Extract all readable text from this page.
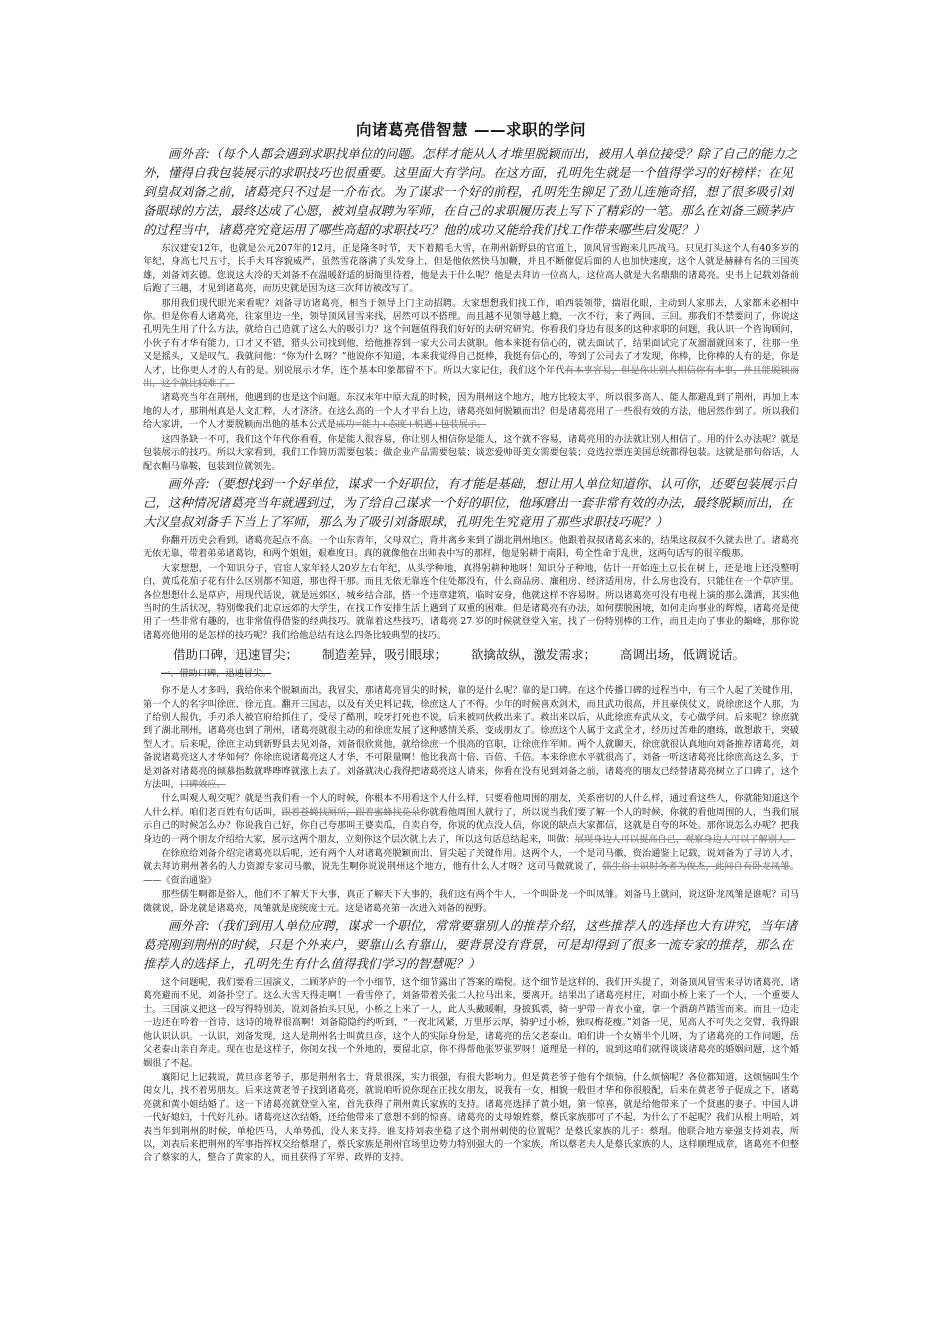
向诸葛亮借智慧 ——求职的学问

画外音:（每个人都会遇到求职找单位的问题。怎样才能从人才堆里脱颖而出，被用人单位接受？除了自己的能力之外，懂得自我包装展示的求职技巧也很重要。这里面大有学问。在这方面，孔明先生就是一个值得学习的好榜样：在见到皇叔刘备之前，诸葛亮只不过是一介布衣。为了谋求一个好的前程，孔明先生铆足了劲儿连施奇招，想了很多吸引刘备眼球的方法，最终达成了心愿，被刘皇叔聘为军师，在自己的求职履历表上写下了精彩的一笔。那么在刘备三顾茅庐的过程当中，诸葛亮究竟运用了哪些高超的求职技巧？他的成功又能给我们找工作带来哪些启发呢？）

东汉建安12年，也就是公元207年的12月，正是隆冬时节，天下着鹅毛大雪，在荆州新野县的官道上，顶风冒雪跑来几匹战马。只见打头这个人有40多岁的年纪，身高七尺五寸，长手大耳容貌威严，虽然雪花落满了头发身上，但是他依然快马加鞭，并且不断催促后面的人也加快速度，这个人就是赫赫有名的三国英雄，刘备刘玄德。您说这大冷的天刘备不在温暖舒适的厨衙里待着，他是去干什么呢？他是去拜访一位高人，这位高人就是大名鼎鼎的诸葛亮。史书上记载刘备前后跑了三趟，才见到诸葛亮，而历史就是因为这三次拜访被改写了。

那用我们现代眼光来看呢？刘备寻访诸葛亮，相当于领导上门主动招聘。大家想想我们找工作，咱西装领带，揣眉化眼，主动到人家那去，人家都未必相中你。但是你看人诸葛亮，往家里边一坐，领导顶风冒雪来找，居然可以不搭理。而且越不见领导越上瘾，一次不行，来了两回、三回。那我们不禁要问了，你说这孔明先生用了什么方法，就给自己造就了这么大的吸引力？这个问题值得我们好好的去研究研究。你看我们身边有很多的这种求职的问题，我认识一个咨询顾问，小伙子有才华有能力，口才又不错，猎头公司找到他，给他推荐到一家大公司去就职。他本来挺有信心的，就去面试了，结果面试完了灰溜溜就回来了，往那一坐又是摇头，又是叹气。我就问他：“你为什么呀？”他说你不知道，本来我觉得自己挺棒，我挺有信心的，等到了公司去了才发现，你棒，比你棒的人有的是，你是人才，比你更人才的人有的是。别说展示才华，连个基本印象都留不下。所以大家记住，我们这个年代有本事容易，但是你让别人相信你有本事，并且能脱颖而出，这个就比较难了。

诸葛亮当年在荆州，他遇到的也是这个问题。东汉末年中原大乱的时候，因为荆州这个地方，地方比较太平，所以很多高人、能人都避乱到了荆州，再加上本地的人才，那荆州真是人文汇粹，人才济济。在这么高的一个人才平台上边，诸葛亮如何脱颖而出？但是诸葛亮用了一些很有效的方法，他居然作到了。所以我们给大家讲，一个人才要脱颖而出他的基本公式是成功=能力+态度+机遇+包装展示。

这四条缺一不可，我们这个年代你看看，你是能人很容易，你让别人相信你是能人，这个就不容易，诸葛亮用的办法就让别人相信了。用的什么办法呢？就是包装展示的技巧。所以大家看到，我们工作简历需要包装；做企业产品需要包装；谈恋爱帅哥美女需要包装；竞选拉票连美国总统都得包装。这就是那句俗话，人配衣帽马靠鞍，包装到位就领先。

画外音:（要想找到一个好单位，谋求一个好职位，有才能是基础，想让用人单位知道你、认可你，还要包装展示自己，这种情况诸葛亮当年就遇到过，为了给自己谋求一个好的职位，他琢磨出一套非常有效的办法，最终脱颖而出，在大汉皇叔刘备手下当上了军师，那么为了吸引刘备眼球，孔明先生究竟用了那些求职技巧呢？）

你翻开历史会看到，诸葛亮起点不高。一个山东青年，父母双亡，背井离乡来到了湖北荆州地区。他跟着叔叔诸葛玄来的，结果这叔叔不久就去世了。诸葛亮无依无靠，带着弟弟诸葛钧，和两个姐姐，艰难度日。真的就像他在出师表中写的那样，他是躬耕于南阳，苟全性命于乱世，这两句话写的很辛酸那。

大家想想，一个知识分子，官宦人家年轻人20岁左右年纪，从头学种地，真得躬耕种地呀！知识分子种地，估计一开始连土豆长在树上，还是地上还没整明白，黄瓜花茄子花有什么区别都不知道，那也得干那。而且无依无靠连个住处都没有，什么商品房、廉租房、经济适用房，什么房也没有，只能住在一个草庐里。各位想想什么是草庐，用现代话说，就是远郊区，城乡结合部，搭一个违章建筑，临时安身，他就这样不容易呀。所以诸葛亮可没有电视上演的那么潇洒，其实他当时的生活状况，特别像我们北京远郊的大学生，在找工作安排生活上遇到了双重的困难。但是诸葛亮有办法，如何摆脱困境，如何走向事业的辉煌，诸葛亮是使用了一些非常有趣的，也非常值得借鉴的经典技巧。就靠着这些技巧，诸葛亮 27 岁的时候就登堂入室，找了一份特别棒的工作，而且走向了事业的巅峰，那你说诸葛亮他用的是怎样的技巧呢？我们给他总结有这么四条比较典型的技巧。

借助口碑，迅速冒尖； 制造差异，吸引眼球； 欲擒故纵，激发需求； 高调出场，低调说话。
一、借助口碑，迅速冒尖。

你不是人才多吗，我给你来个脱颖而出，我冒尖，那诸葛亮冒尖的时候，靠的是什么呢？靠的是口碑。在这个传播口碑的过程当中，有三个人起了关键作用，第一个人的名字叫徐庶、徐元直。翻开三国志，以及有关史料记载，徐庶这人了不得。少年的时候喜欢剑术，而且武功很高，并且豪侠仗义，说徐庶这个人那，为了给别人报仇，手刃杀人被官府给抓住了，受尽了酷刑，咬牙打死也不说，后来被同伙救出来了。救出来以后，从此徐庶弃武从文，专心做学问。后来呢？徐庶就到了湖北荆州，诸葛亮也到了荆州，诸葛亮就很主动的和徐庶发展了这种感情关系，变成朋友了。徐庶这个人属于文武全才，经历过苦难的磨练，敢想敢干，突破型人才。后来呢，徐庶主动到新野县去见刘备，刘备很欣赏他，就给徐庶一个很高的官职，让徐庶作军师。两个人就聊天，徐庶就很认真地向刘备推荐诸葛亮，刘备说诸葛亮这人才华如何？你徐庶说诸葛亮这人才华，不可限量啊！他比我高十倍、百倍、千倍。本来徐庶水平就很高了，刘备一听这诸葛亮比徐庶高这么多，于是刘备对诸葛亮的倾慕指数就哗哗哗就涨上去了。刘备就决心我得把诸葛亮这人请来，你看在没有见到刘备之前，诸葛亮的朋友已经替诸葛亮树立了口碑了，这个方法叫，口碑效应。

什么叫观人观交呢？就是当我们看一个人的时候，你根本不用看这个人什么样，只要看他周围的朋友，关系密切的人什么样，通过看这些人，你就能知道这个人什么样。咱们老百姓有句话叫，跟着苍蝇找厕所，跟着蜜蜂找花朵你就看他周围人就行了，所以说当我们要了解一个人的时候，你就的看他周围的人，当我们展示自己的时候怎么办？你说我自己好，你自己夸那叫王婆卖瓜，自卖自夸，你说的优点没人信，你说的缺点大家都信，这就是自夸的坏处。那你说怎么办呢？把我身边的一两个朋友介绍给大家，展示这两个朋友，立刻你这个层次就上去了，所以这句话总结起来，叫做：展现身边人可以提高自己，观察身边人可以了解别人。

在徐庶给刘备介绍完诸葛亮以后呢，还有两个人对诸葛亮脱颖而出、冒尖起了关键作用。这两个人，一个是司马徽，资治通鉴上记载，说刘备为了寻访人才，就去拜访荆州著名的人力资源专家司马徽，说先生啊你说说荆州这个地方，他有什么人才呀？这司马微就说了，儒生俗士识时务者为俊杰，此间自有卧龙凤雏。——《资治通鉴》

那些儒生啊都是俗人，他们不了解天下大事，真正了解天下大事的，我们这有两个牛人，一个叫卧龙一个叫凤雏。刘备马上就问，说这卧龙凤雏是谁呢？司马微就说，卧龙就是诸葛亮，凤雏就是庞统庞士元。这是诸葛亮第一次进入刘备的视野。

画外音:（我们到用人单位应聘，谋求一个职位，常常要靠别人的推荐介绍，这些推荐人的选择也大有讲究，当年诸葛亮刚到荆州的时候，只是个外来户，要靠山么有靠山，要背景没有背景，可是却得到了很多一流专家的推荐，那么在推荐人的选择上，孔明先生有什么值得我们学习的智慧呢？）

这个问题呢，我们要看三国演义，二顾茅庐的一个小细节，这个细节露出了答案的端倪。这个细节是这样的，我们开头提了，刘备顶风冒雪来寻访诸葛亮，诸葛亮避而不见，刘备扑空了。这么大雪天得走啊！一看雪停了，刘备带着关张二人拉马出来，要离开。结果出了诸葛亮村庄，对面小桥上来了一个人，一个重要人士。三国演义把这一段写得特别美，说刘备抬头只见，小桥之上来了一人，此人头戴暖帽，身披狐裘，骑一驴带一青衣小童，拿一个酒葫芦踏雪而来。而且一边走一边还在吟着一首诗，这诗的境界很高啊！刘备隐隐约约听到，“一夜北风紧，万里彤云厚，骑驴过小桥，独叹梅花瘦。”刘备一见，见高人不可失之交臂，我得跟他认识认识。一认识，刘备发现，这人是荆州名士叫黄旦彦，这个人的实际身份是，诸葛亮的岳父老泰山。咱们讲一个女婿半个儿呀，为了诸葛亮的工作问题，岳父老泰山亲自奔走。现在也是这样子，你闺女找一个外地的，要留北京，你不得帮他张罗张罗呀！道理是一样的，说到这咱们就得谈谈诸葛亮的婚姻问题，这个婚姻很了不起。

襄阳记上记载说，黄旦彦老爷子，那是荆州名士，背景很深，实力很强，有很大影响力。但是黄老爷子他有个烦恼，什么烦恼呢？各位都知道，这烦恼叫生个闺女儿，找不着男朋友。后来这黄老爷子找到诸葛亮，就说咱听说你现在正找女朋友，说我有一女，相貌一般但才华和你很般配，后来在黄老爷子促成之下，诸葛亮就和黄小姐结婚了。这一下诸葛亮就登堂入室，首先获得了荆州黄氏家族的支持。诸葛亮选择了黄小姐，第一惊喜，就是给他带来了一个贤惠的妻子。中国人讲一代好媳妇，十代好儿孙。诸葛亮这次结婚，还给他带来了意想不到的惊喜。诸葛亮的丈母娘姓蔡，蔡氏家族那可了不起，为什么了不起呢？我们从根上明哈，刘表当年到荆州的时候，单枪匹马，人单势孤，没人来支持。谁支持刘表坐稳了这个荆州刺使的位置呢？是蔡氏家族的儿子：蔡瑁。他联合地方豪强支持刘表，所以，刘表后来把荆州的军事指挥权交给蔡瑁了，蔡氏家族是荆州官场里边势力特别强大的一个家族，所以蔡老夫人是蔡氏家族的人，这样顺理成章，诸葛亮不但整合了蔡家的人，整合了黄家的人，而且获得了军界、政界的支持。
